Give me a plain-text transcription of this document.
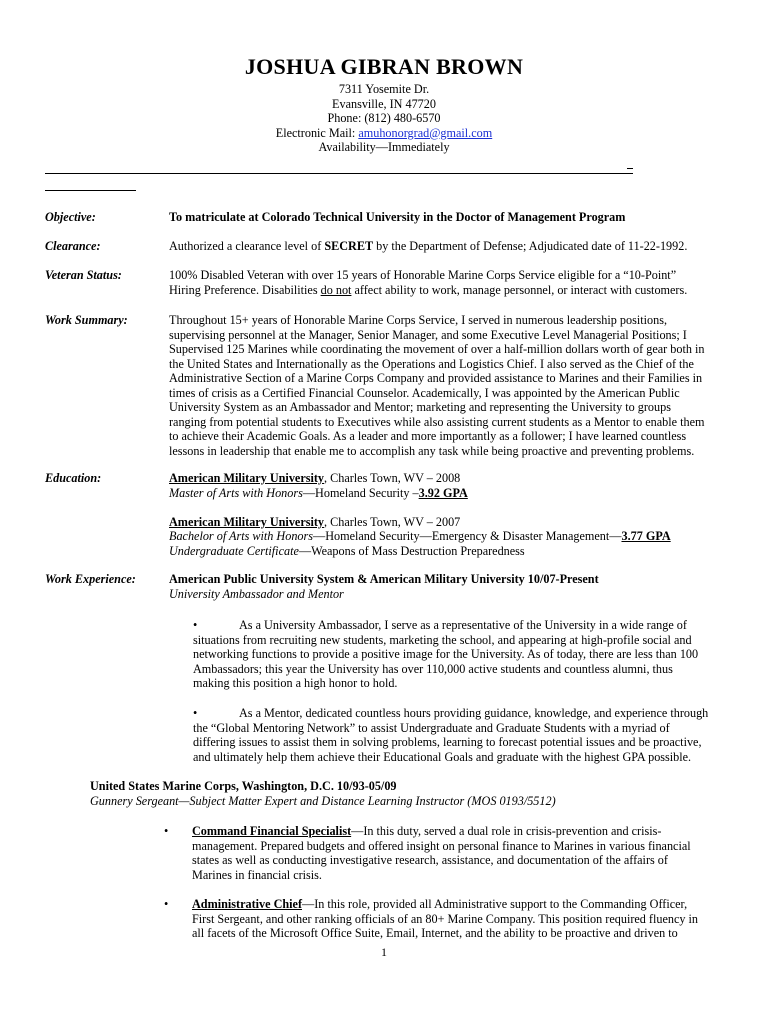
JOSHUA GIBRAN BROWN
7311 Yosemite Dr.
Evansville, IN 47720
Phone: (812) 480-6570
Electronic Mail: amuhonorgrad@gmail.com
Availability—Immediately
Objective:	To matriculate at Colorado Technical University in the Doctor of Management Program
Clearance:	Authorized a clearance level of SECRET by the Department of Defense; Adjudicated date of 11-22-1992.
Veteran Status:	100% Disabled Veteran with over 15 years of Honorable Marine Corps Service eligible for a “10-Point”
Hiring Preference. Disabilities do not affect ability to work, manage personnel, or interact with customers.
Work Summary:	Throughout 15+ years of Honorable Marine Corps Service, I served in numerous leadership positions,
supervising personnel at the Manager, Senior Manager, and some Executive Level Managerial Positions; I
Supervised 125 Marines while coordinating the movement of over a half-million dollars worth of gear both in
the United States and Internationally as the Operations and Logistics Chief. I also served as the Chief of the
Administrative Section of a Marine Corps Company and provided assistance to Marines and their Families in
times of crisis as a Certified Financial Counselor. Academically, I was appointed by the American Public
University System as an Ambassador and Mentor; marketing and representing the University to groups
ranging from potential students to Executives while also assisting current students as a Mentor to enable them
to achieve their Academic Goals. As a leader and more importantly as a follower; I have learned countless
lessons in leadership that enable me to accomplish any task while being proactive and preventing problems.
Education:	American Military University, Charles Town, WV – 2008
Master of Arts with Honors—Homeland Security –3.92 GPA
American Military University, Charles Town, WV – 2007
Bachelor of Arts with Honors—Homeland Security—Emergency & Disaster Management—3.77 GPA
Undergraduate Certificate—Weapons of Mass Destruction Preparedness
Work Experience:	American Public University System & American Military University 10/07-Present
University Ambassador and Mentor
•	As a University Ambassador, I serve as a representative of the University in a wide range of
situations from recruiting new students, marketing the school, and appearing at high-profile social and
networking functions to provide a positive image for the University. As of today, there are less than 100
Ambassadors; this year the University has over 110,000 active students and countless alumni, thus
making this position a high honor to hold.
•	As a Mentor, dedicated countless hours providing guidance, knowledge, and experience through
the “Global Mentoring Network” to assist Undergraduate and Graduate Students with a myriad of
differing issues to assist them in solving problems, learning to forecast potential issues and be proactive,
and ultimately help them achieve their Educational Goals and graduate with the highest GPA possible.
United States Marine Corps, Washington, D.C. 10/93-05/09
Gunnery Sergeant—Subject Matter Expert and Distance Learning Instructor (MOS 0193/5512)
•	Command Financial Specialist—In this duty, served a dual role in crisis-prevention and crisis-
management. Prepared budgets and offered insight on personal finance to Marines in various financial
states as well as conducting investigative research, assistance, and documentation of the affairs of
Marines in financial crisis.
•	Administrative Chief—In this role, provided all Administrative support to the Commanding Officer,
First Sergeant, and other ranking officials of an 80+ Marine Company. This position required fluency in
all facets of the Microsoft Office Suite, Email, Internet, and the ability to be proactive and driven to
1
